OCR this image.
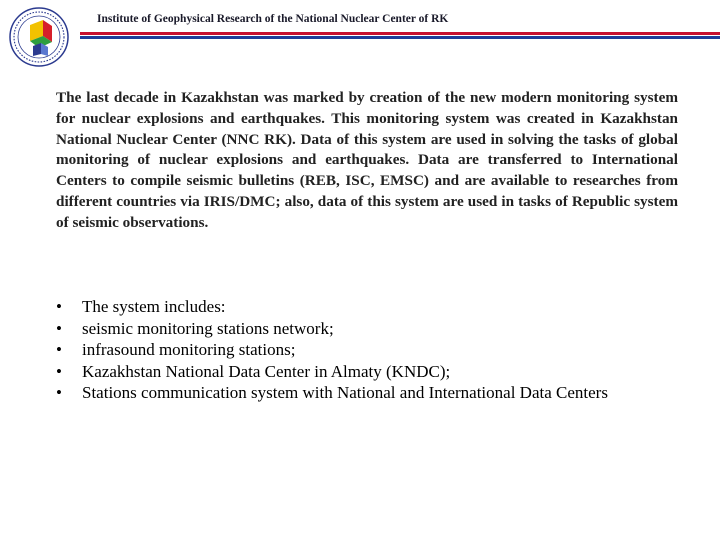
Institute of Geophysical Research of the National Nuclear Center of RK

The last decade in Kazakhstan was marked by creation of the new modern monitoring system for nuclear explosions and earthquakes. This monitoring system was created in Kazakhstan National Nuclear Center (NNC RK). Data of this system are used in solving the tasks of global monitoring of nuclear explosions and earthquakes. Data are transferred to International Centers to compile seismic bulletins (REB, ISC, EMSC) and are available to researches from different countries via IRIS/DMC; also, data of this system are used in tasks of Republic system of seismic observations.

• The system includes:
• seismic monitoring stations network;
• infrasound monitoring stations;
• Kazakhstan National Data Center in Almaty (KNDC);
• Stations communication system with National and International Data Centers
